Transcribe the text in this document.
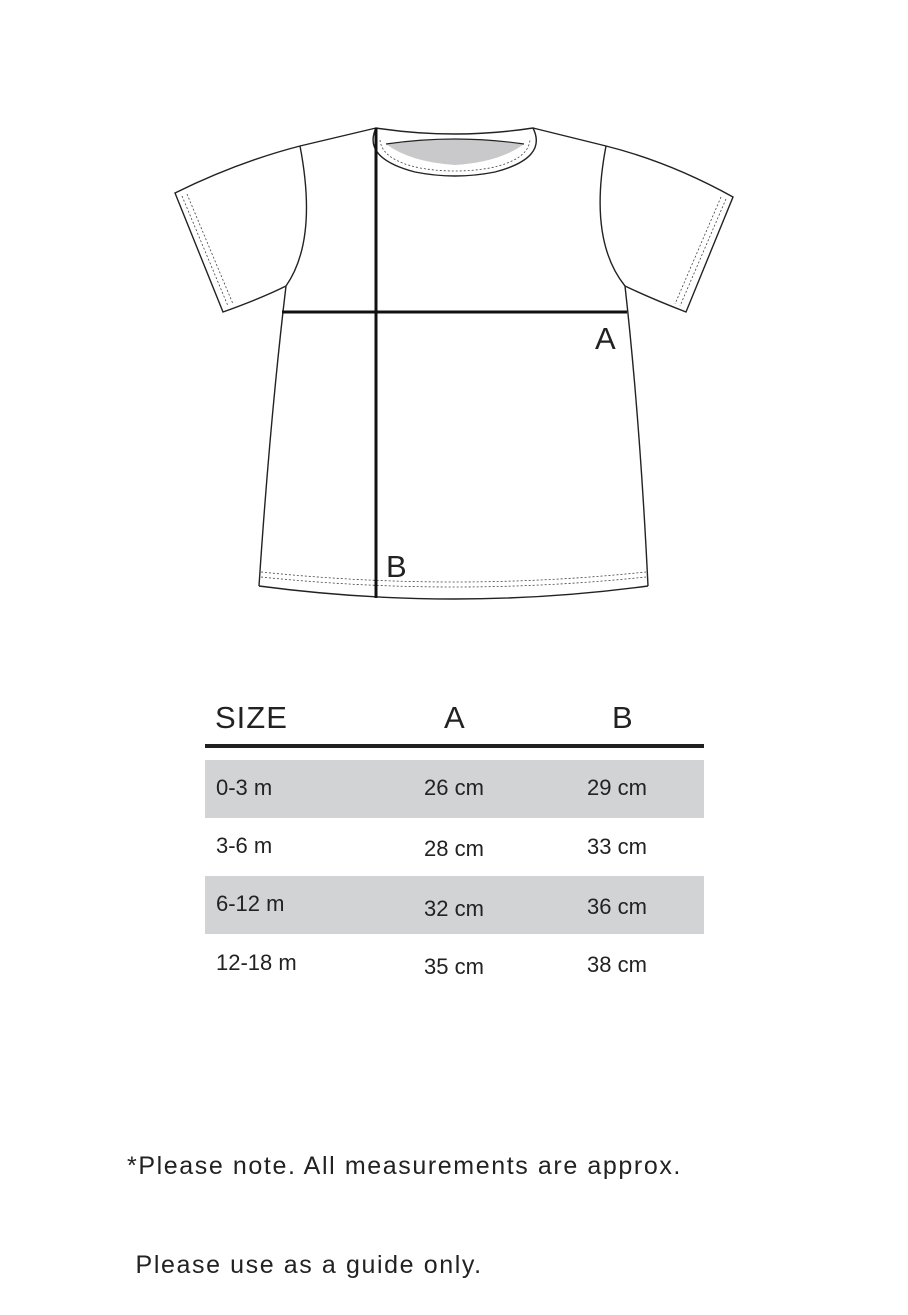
A
B
SIZE	A	B
0-3 m	26 cm	29 cm
3-6 m	28 cm	33 cm
6-12 m	32 cm	36 cm
12-18 m	35 cm	38 cm

*Please note. All measurements are approx.

Please use as a guide only.
